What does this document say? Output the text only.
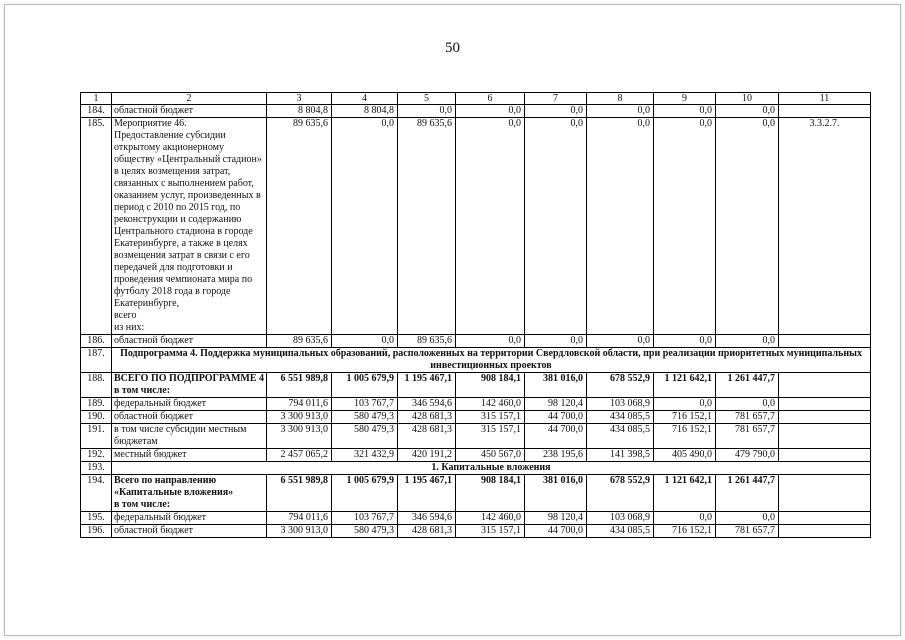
50
1	2	3	4	5	6	7	8	9	10	11
184.	областной бюджет	8 804,8	8 804,8	0,0	0,0	0,0	0,0	0,0	0,0	
185.	Мероприятие 46.
Предоставление субсидии открытому акционерному обществу «Центральный стадион» в целях возмещения затрат, связанных с выполнением работ, оказанием услуг, произведенных в период с 2010 по 2015 год, по реконструкции и содержанию Центрального стадиона в городе Екатеринбурге, а также в целях возмещения затрат в связи с его передачей для подготовки и проведения чемпионата мира по футболу 2018 года в городе Екатеринбурге,
всего
из них:	89 635,6	0,0	89 635,6	0,0	0,0	0,0	0,0	0,0	3.3.2.7.
186.	областной бюджет	89 635,6	0,0	89 635,6	0,0	0,0	0,0	0,0	0,0	
187.	Подпрограмма 4. Поддержка муниципальных образований, расположенных на территории Свердловской области, при реализации приоритетных муниципальных инвестиционных проектов									
188.	ВСЕГО ПО ПОДПРОГРАММЕ 4
в том числе:	6 551 989,8	1 005 679,9	1 195 467,1	908 184,1	381 016,0	678 552,9	1 121 642,1	1 261 447,7	
189.	федеральный бюджет	794 011,6	103 767,7	346 594,6	142 460,0	98 120,4	103 068,9	0,0	0,0	
190.	областной бюджет	3 300 913,0	580 479,3	428 681,3	315 157,1	44 700,0	434 085,5	716 152,1	781 657,7	
191.	в том числе субсидии местным бюджетам	3 300 913,0	580 479,3	428 681,3	315 157,1	44 700,0	434 085,5	716 152,1	781 657,7	
192.	местный бюджет	2 457 065,2	321 432,9	420 191,2	450 567,0	238 195,6	141 398,5	405 490,0	479 790,0	
193.	1. Капитальные вложения									
194.	Всего по направлению «Капитальные вложения»
в том числе:	6 551 989,8	1 005 679,9	1 195 467,1	908 184,1	381 016,0	678 552,9	1 121 642,1	1 261 447,7	
195.	федеральный бюджет	794 011,6	103 767,7	346 594,6	142 460,0	98 120,4	103 068,9	0,0	0,0	
196.	областной бюджет	3 300 913,0	580 479,3	428 681,3	315 157,1	44 700,0	434 085,5	716 152,1	781 657,7	
